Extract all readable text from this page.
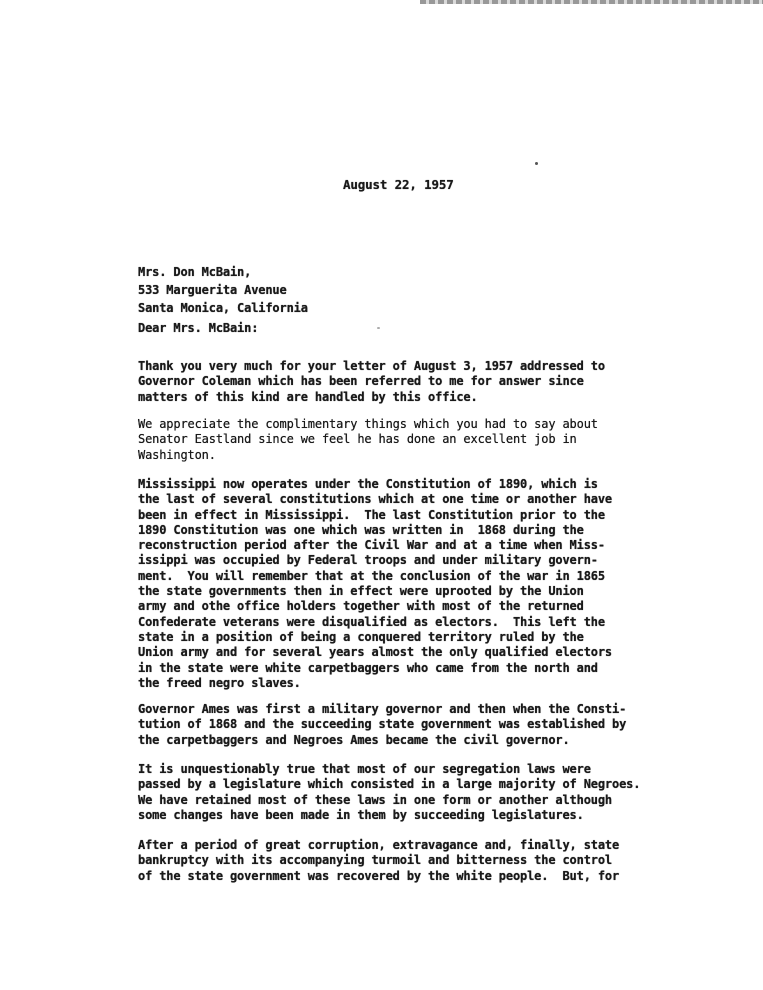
August 22, 1957
Mrs. Don McBain,
533 Marguerita Avenue
Santa Monica, California
Dear Mrs. McBain:
Thank you very much for your letter of August 3, 1957 addressed to
Governor Coleman which has been referred to me for answer since
matters of this kind are handled by this office.
We appreciate the complimentary things which you had to say about
Senator Eastland since we feel he has done an excellent job in
Washington.
Mississippi now operates under the Constitution of 1890, which is
the last of several constitutions which at one time or another have
been in effect in Mississippi.  The last Constitution prior to the
1890 Constitution was one which was written in  1868 during the
reconstruction period after the Civil War and at a time when Miss-
issippi was occupied by Federal troops and under military govern-
ment.  You will remember that at the conclusion of the war in 1865
the state governments then in effect were uprooted by the Union
army and othe office holders together with most of the returned
Confederate veterans were disqualified as electors.  This left the
state in a position of being a conquered territory ruled by the
Union army and for several years almost the only qualified electors
in the state were white carpetbaggers who came from the north and
the freed negro slaves.
Governor Ames was first a military governor and then when the Consti-
tution of 1868 and the succeeding state government was established by
the carpetbaggers and Negroes Ames became the civil governor.
It is unquestionably true that most of our segregation laws were
passed by a legislature which consisted in a large majority of Negroes.
We have retained most of these laws in one form or another although
some changes have been made in them by succeeding legislatures.
After a period of great corruption, extravagance and, finally, state
bankruptcy with its accompanying turmoil and bitterness the control
of the state government was recovered by the white people.  But, for
